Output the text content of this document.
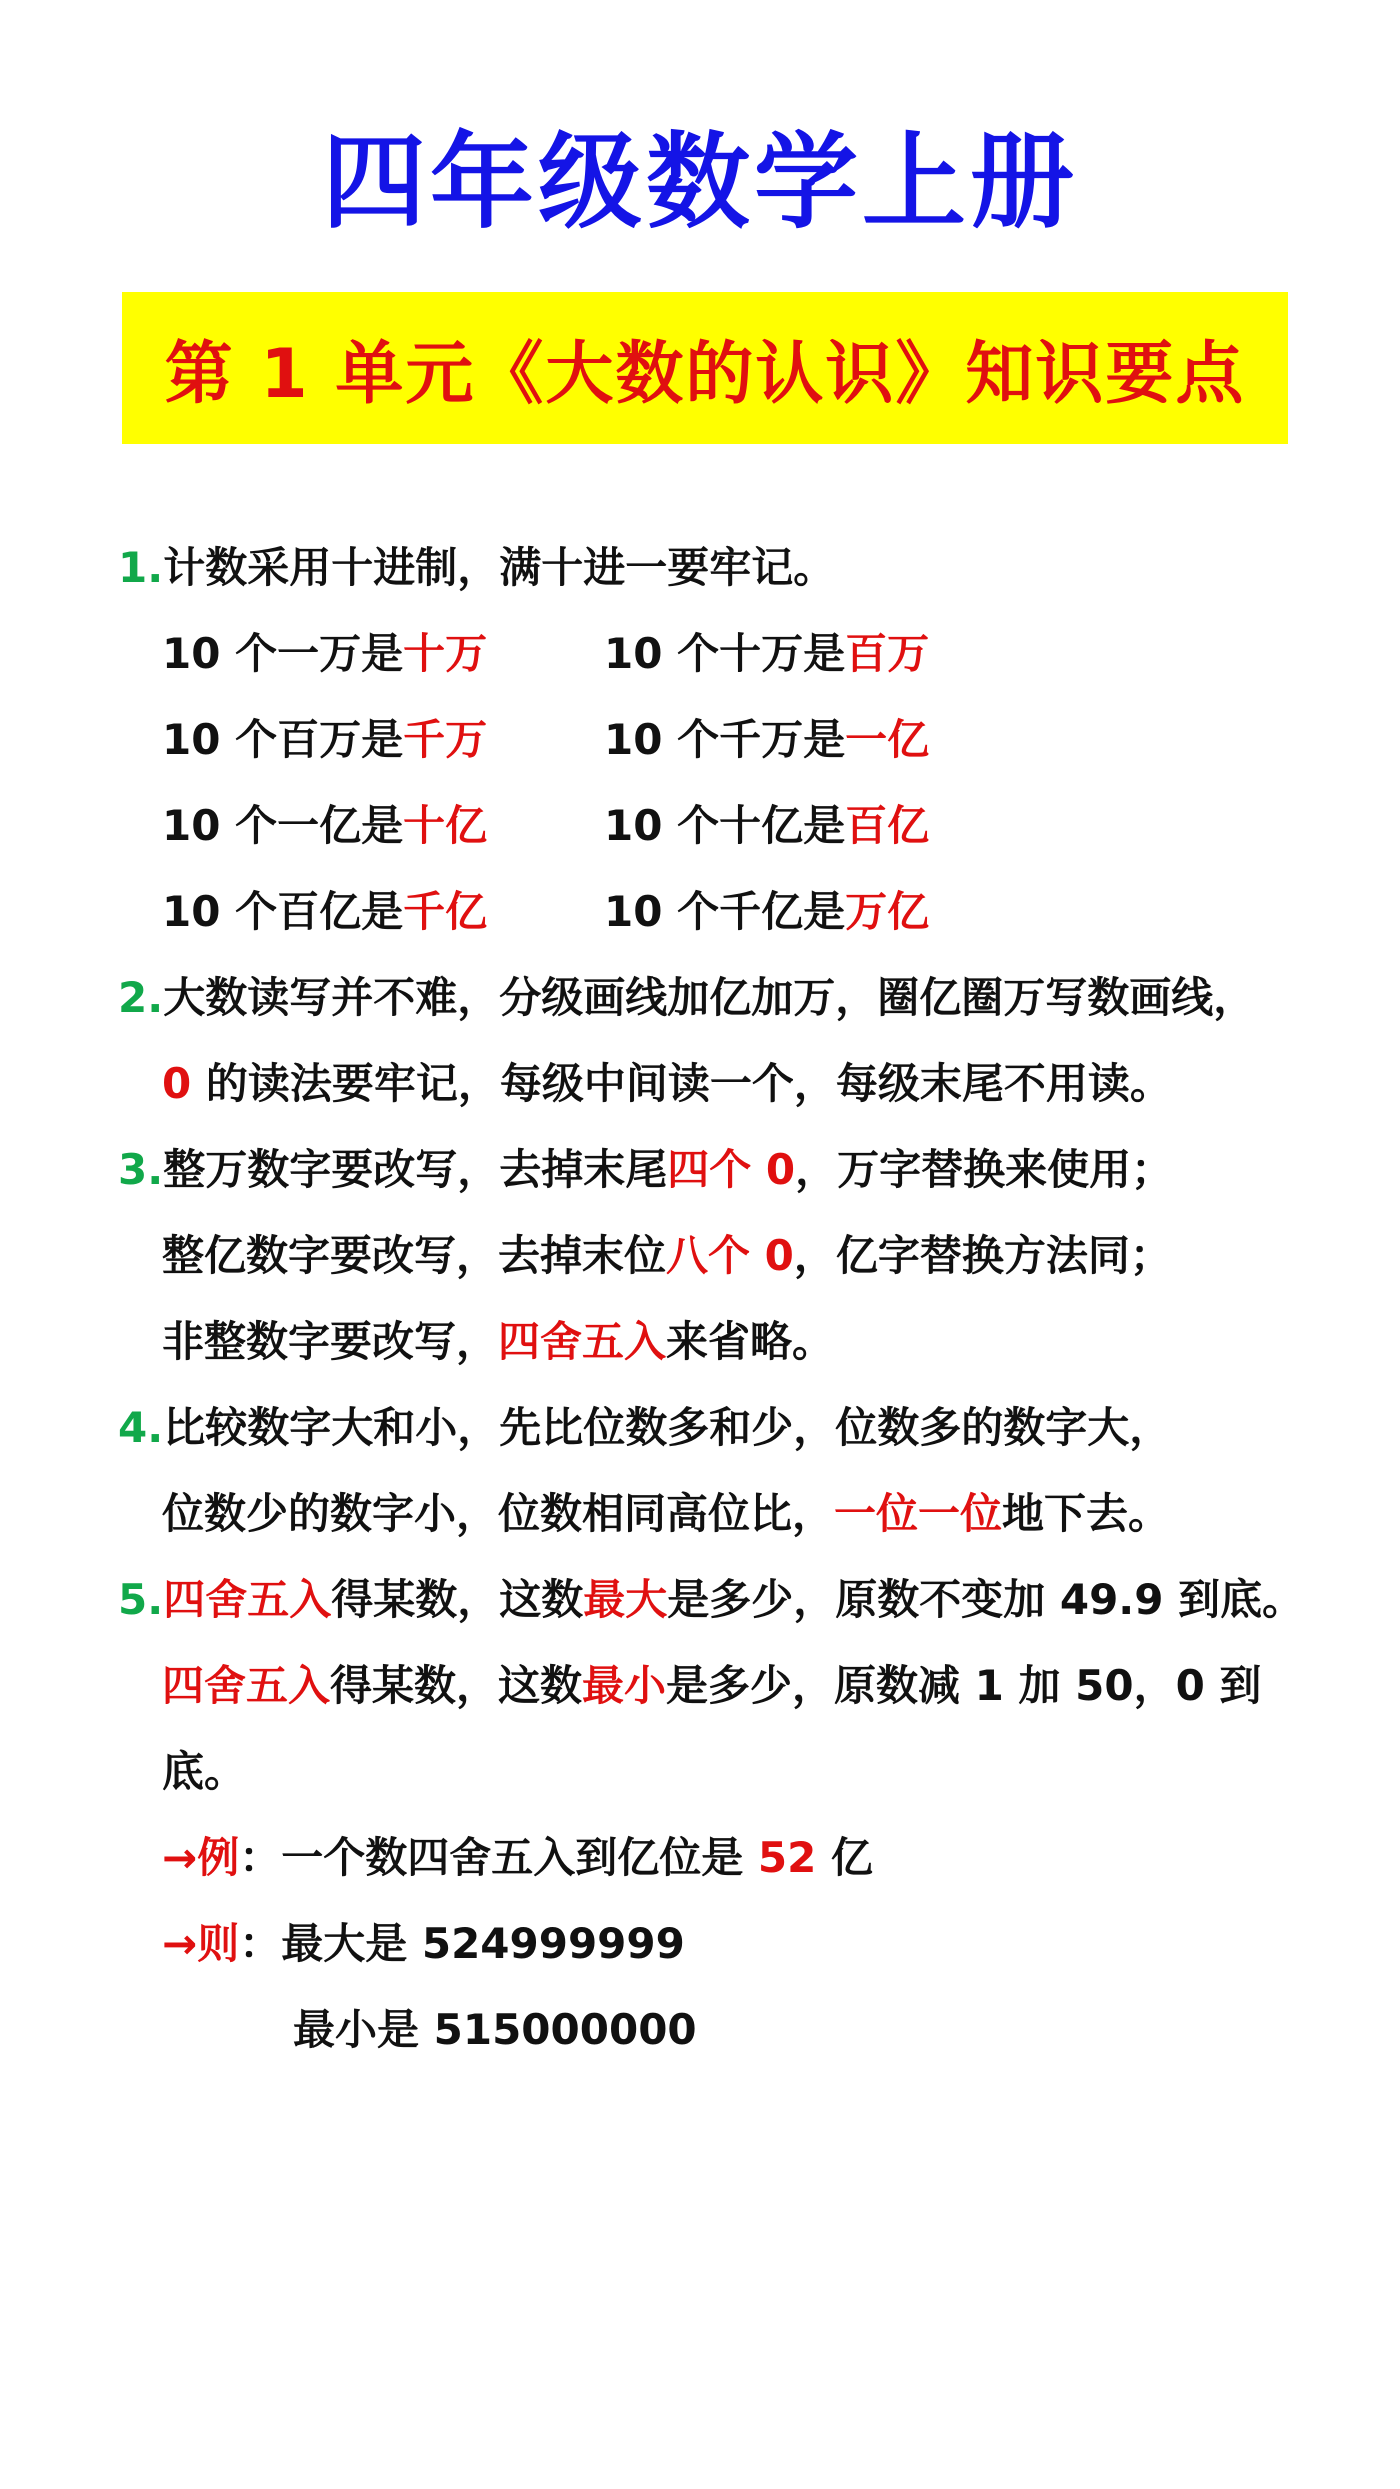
四年级数学上册
第 1 单元《大数的认识》知识要点
1.计数采用十进制，满十进一要牢记。
10 个一万是十万	10 个十万是百万
10 个百万是千万	10 个千万是一亿
10 个一亿是十亿	10 个十亿是百亿
10 个百亿是千亿	10 个千亿是万亿
2.大数读写并不难，分级画线加亿加万，圈亿圈万写数画线，
0 的读法要牢记，每级中间读一个，每级末尾不用读。
3.整万数字要改写，去掉末尾四个 0，万字替换来使用；
整亿数字要改写，去掉末位八个 0，亿字替换方法同；
非整数字要改写，四舍五入来省略。
4.比较数字大和小，先比位数多和少，位数多的数字大，
位数少的数字小，位数相同高位比，一位一位地下去。
5.四舍五入得某数，这数最大是多少，原数不变加 49.9 到底。
四舍五入得某数，这数最小是多少，原数减 1 加 50，0 到
底。
→例：一个数四舍五入到亿位是 52 亿
→则：最大是 524999999
最小是 515000000
